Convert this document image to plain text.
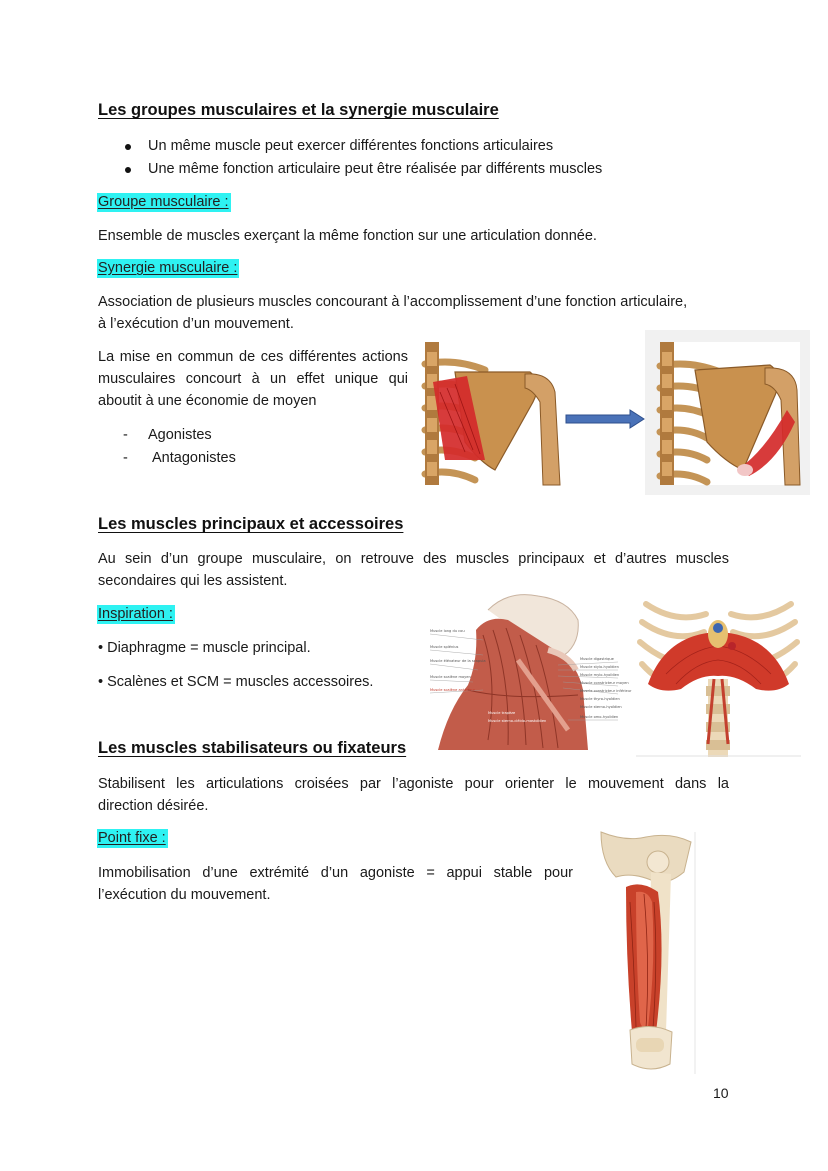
Les groupes musculaires et la synergie musculaire
Un même muscle peut exercer différentes fonctions articulaires
Une même fonction articulaire peut être réalisée par différents muscles
Groupe musculaire :

Ensemble de muscles exerçant la même fonction sur une articulation donnée.

Synergie musculaire :

Association de plusieurs muscles concourant à l’accomplissement d’une fonction articulaire,

à l’exécution d’un mouvement.

La mise en commun de ces différentes actions
musculaires concourt à un effet unique qui
aboutit à une économie de moyen
- Agonistes
- Antagonistes
Les muscles principaux et accessoires

Au sein d’un groupe musculaire, on retrouve des muscles principaux et d’autres muscles

secondaires qui les assistent.

Inspiration :

• Diaphragme = muscle principal.

• Scalènes et SCM = muscles accessoires.

Muscle long du cou
Muscle splénius
Muscle élévateur de la scapula
Muscle scalène moyen
Muscle scalène antérieur
Muscle digastrique
Muscle stylo-hyoïdien
Muscle mylo-hyoïdien
Muscle constricteur moyen
Muscle constricteur inférieur
Muscle thyro-hyoïdien
Muscle sterno-hyoïdien
Muscle omo-hyoïdien
Muscle trapèze
Muscle sterno-cléido-mastoïdien
Les muscles stabilisateurs ou fixateurs

Stabilisent les articulations croisées par l’agoniste pour orienter le mouvement dans la

direction désirée.

Point fixe :

Immobilisation d’une extrémité d’un agoniste = appui stable pour

l’exécution du mouvement.

10
